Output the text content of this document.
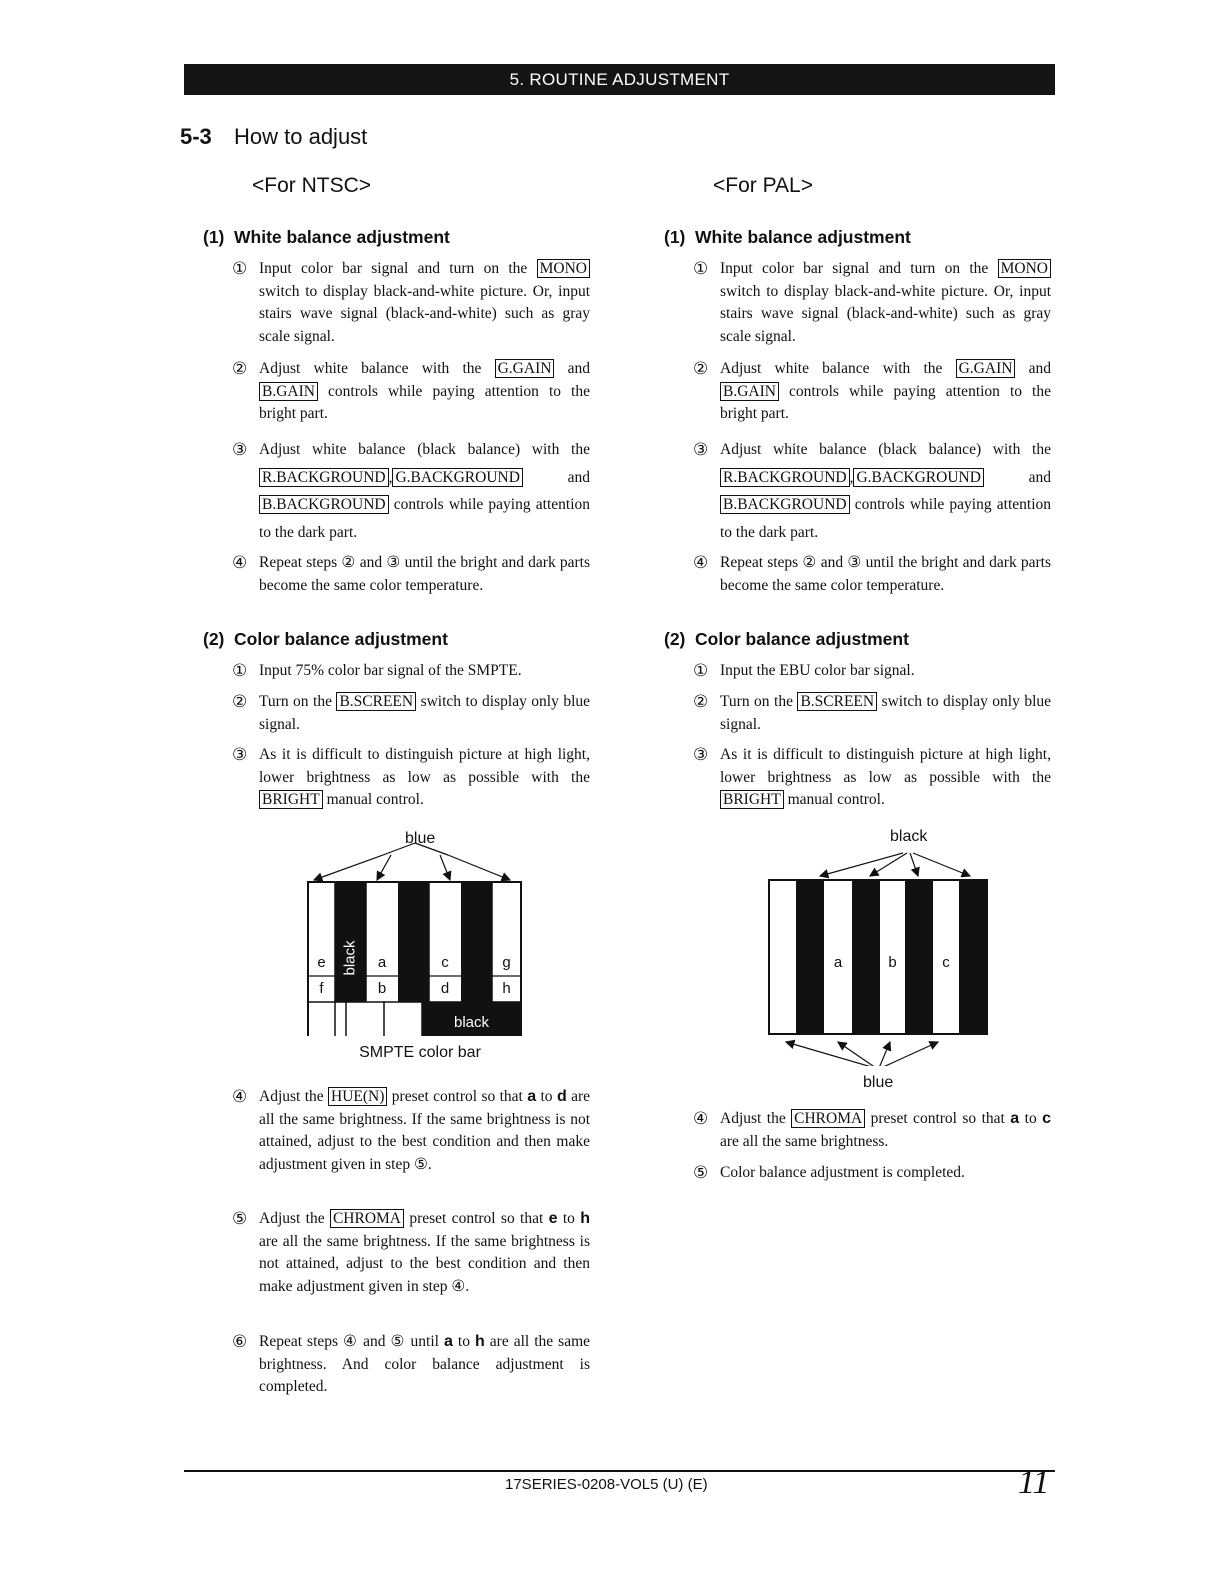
5. ROUTINE ADJUSTMENT
5-3 How to adjust
<For NTSC>	<For PAL>
(1) White balance adjustment
① Input color bar signal and turn on the MONO switch to display black-and-white picture. Or, input stairs wave signal (black-and-white) such as gray scale signal.

② Adjust white balance with the G.GAIN and B.GAIN controls while paying attention to the bright part.

③ Adjust white balance (black balance) with the R.BACKGROUND , G.BACKGROUND	and B.BACKGROUND controls while paying attention to the dark part.

④ Repeat steps ② and ③ until the bright and dark parts become the same color temperature.

(2) Color balance adjustment
① Input 75% color bar signal of the SMPTE.

② Turn on the B.SCREEN switch to display only blue signal.

③ As it is difficult to distinguish picture at high light, lower brightness as low as possible with the BRIGHT manual control.

blue
black
black
e	a	c	g
f	b	d	h
SMPTE color bar
④ Adjust the HUE(N) preset control so that a to d are all the same brightness. If the same brightness is not attained, adjust to the best condition and then make adjustment given in step ⑤.

⑤ Adjust the CHROMA preset control so that e to h are all the same brightness. If the same brightness is not attained, adjust to the best condition and then make adjustment given in step ④.

⑥ Repeat steps ④ and ⑤ until a to h are all the same brightness. And color balance adjustment is completed.

(1) White balance adjustment
① Input color bar signal and turn on the MONO switch to display black-and-white picture. Or, input stairs wave signal (black-and-white) such as gray scale signal.

② Adjust white balance with the G.GAIN and B.GAIN controls while paying attention to the bright part.

③ Adjust white balance (black balance) with the R.BACKGROUND , G.BACKGROUND	and B.BACKGROUND controls while paying attention to the dark part.

④ Repeat steps ② and ③ until the bright and dark parts become the same color temperature.

(2) Color balance adjustment
① Input the EBU color bar signal.

② Turn on the B.SCREEN switch to display only blue signal.

③ As it is difficult to distinguish picture at high light, lower brightness as low as possible with the BRIGHT manual control.

black
a	b	c
blue
④ Adjust the CHROMA preset control so that a to c are all the same brightness.

⑤ Color balance adjustment is completed.

17SERIES-0208-VOL5 (U) (E)	11
